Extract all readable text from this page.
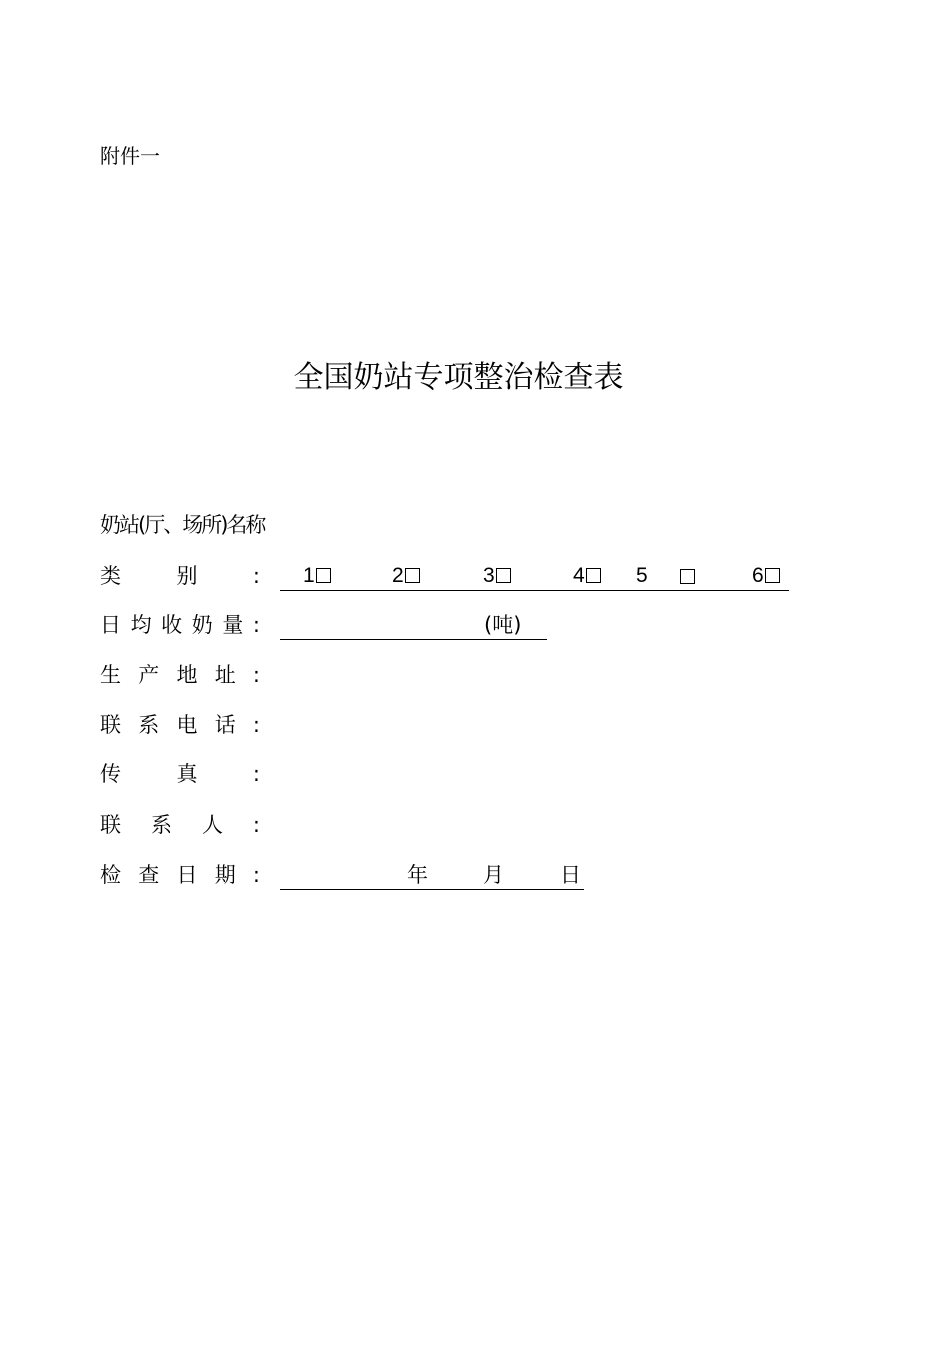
附件一
全国奶站专项整治检查表
奶站(厅、场所)名称
类别: 1	2	3	4	5	6
日均收奶量:	(吨)
生产地址:
联系电话:
传真:
联系人:
检查日期:	年	月	日
